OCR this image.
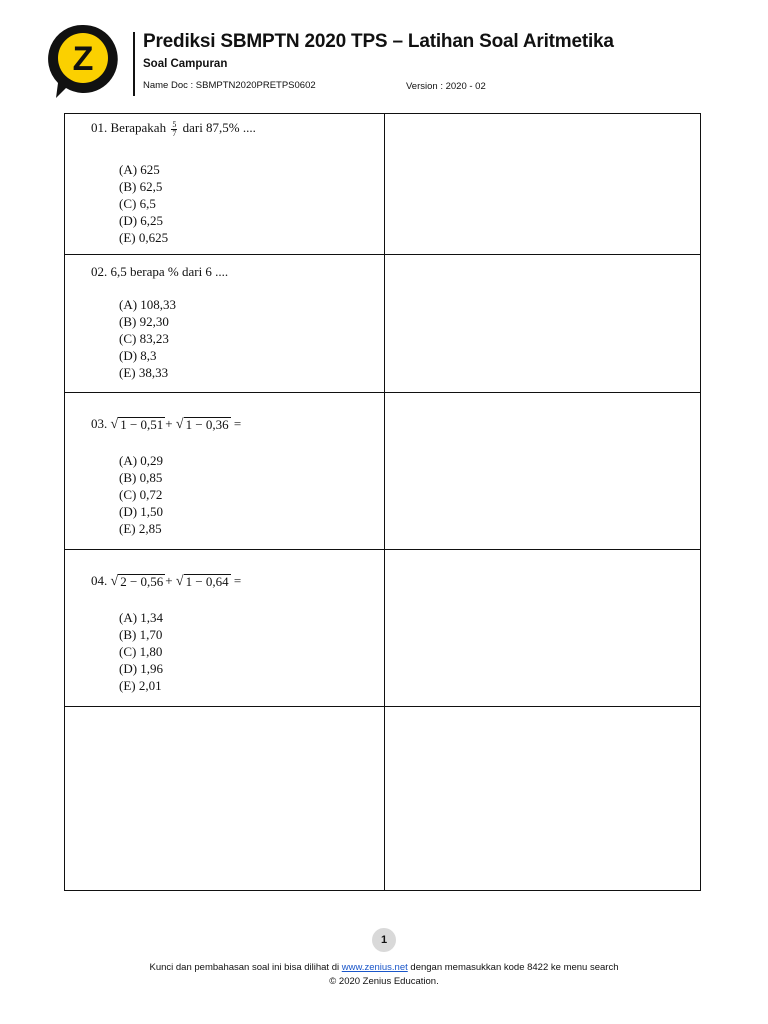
Z	Prediksi SBMPTN 2020 TPS – Latihan Soal Aritmetika
Soal Campuran
Name Doc : SBMPTN2020PRETPS0602	Version : 2020 - 02
01. Berapakah $\frac{5}{7}$ dari 87,5% ....
(A) 625
(B) 62,5
(C) 6,5
(D) 6,25
(E) 0,625
02. 6,5 berapa % dari 6 ....
(A) 108,33
(B) 92,30
(C) 83,23
(D) 8,3
(E) 38,33
03. √ 1 − 0,51 + √ 1 − 0,36 =
(A) 0,29
(B) 0,85
(C) 0,72
(D) 1,50
(E) 2,85
04. √ 2 − 0,56 + √ 1 − 0,64 =
(A) 1,34
(B) 1,70
(C) 1,80
(D) 1,96
(E) 2,01
1
Kunci dan pembahasan soal ini bisa dilihat di www.zenius.net dengan memasukkan kode 8422 ke menu search
© 2020 Zenius Education.
